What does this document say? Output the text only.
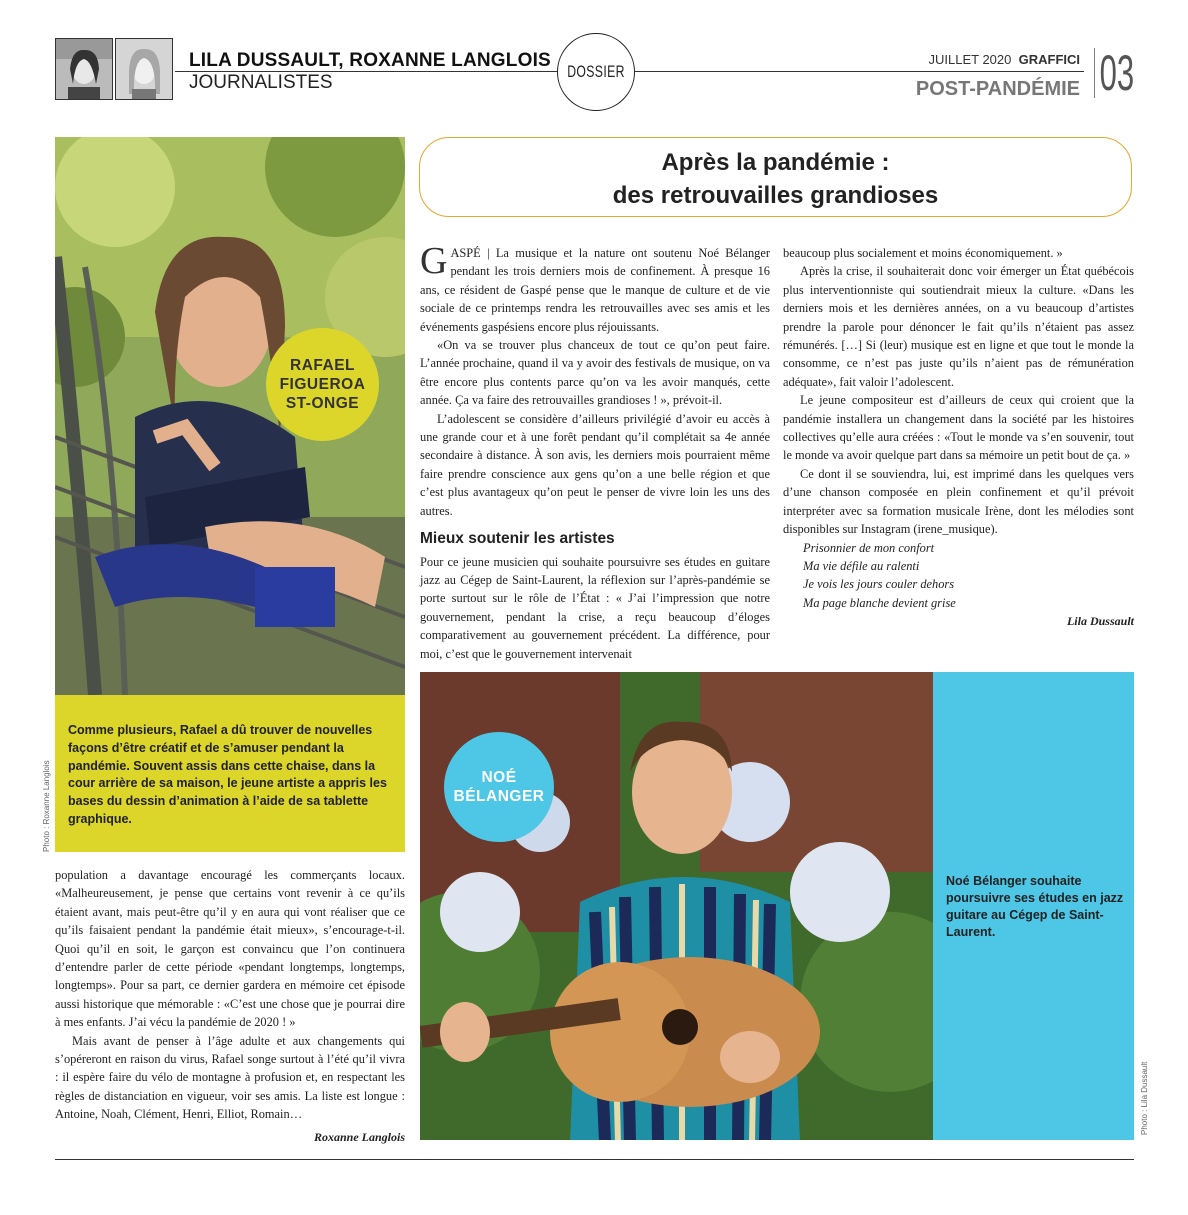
LILA DUSSAULT, ROXANNE LANGLOIS
JOURNALISTES
DOSSIER
JUILLET 2020 GRAFFICI
POST-PANDÉMIE 03
RAFAEL
FIGUEROA
ST-ONGE
Comme plusieurs, Rafael a dû trouver de nouvelles façons d’être créatif et de s’amuser pendant la pandémie. Souvent assis dans cette chaise, dans la cour arrière de sa maison, le jeune artiste a appris les bases du dessin d’animation à l’aide de sa tablette graphique.
Photo : Roxanne Langlois
Après la pandémie :
des retrouvailles grandioses

GASPÉ | La musique et la nature ont soutenu Noé Bélanger pendant les trois derniers mois de confinement. À presque 16 ans, ce résident de Gaspé pense que le manque de culture et de vie sociale de ce printemps rendra les retrouvailles avec ses amis et les événements gaspésiens encore plus réjouissants.

«On va se trouver plus chanceux de tout ce qu’on peut faire. L’année prochaine, quand il va y avoir des festivals de musique, on va être encore plus contents parce qu’on va les avoir manqués, cette année. Ça va faire des retrouvailles grandioses ! », prévoit-il.

L’adolescent se considère d’ailleurs privilégié d’avoir eu accès à une grande cour et à une forêt pendant qu’il complétait sa 4e année secondaire à distance. À son avis, les derniers mois pourraient même faire prendre conscience aux gens qu’on a une belle région et que c’est plus avantageux qu’on peut le penser de vivre loin les uns des autres.

Mieux soutenir les artistes

Pour ce jeune musicien qui souhaite poursuivre ses études en guitare jazz au Cégep de Saint-Laurent, la réflexion sur l’après-pandémie se porte surtout sur le rôle de l’État : « J’ai l’impression que notre gouvernement, pendant la crise, a reçu beaucoup d’éloges comparativement au gouvernement précédent. La différence, pour moi, c’est que le gouvernement intervenait

beaucoup plus socialement et moins économiquement. »

Après la crise, il souhaiterait donc voir émerger un État québécois plus interventionniste qui soutiendrait mieux la culture. «Dans les derniers mois et les dernières années, on a vu beaucoup d’artistes prendre la parole pour dénoncer le fait qu’ils n’étaient pas assez rémunérés. […] Si (leur) musique est en ligne et que tout le monde la consomme, ce n’est pas juste qu’ils n’aient pas de rémunération adéquate», fait valoir l’adolescent.

Le jeune compositeur est d’ailleurs de ceux qui croient que la pandémie installera un changement dans la société par les histoires collectives qu’elle aura créées : «Tout le monde va s’en souvenir, tout le monde va avoir quelque part dans sa mémoire un petit bout de ça. »

Ce dont il se souviendra, lui, est imprimé dans les quelques vers d’une chanson composée en plein confinement et qu’il prévoit interpréter avec sa formation musicale Irène, dont les mélodies sont disponibles sur Instagram (irene_musique).

Prisonnier de mon confort
Ma vie défile au ralenti
Je vois les jours couler dehors
Ma page blanche devient grise
Lila Dussault
NOÉ
BÉLANGER
Noé Bélanger souhaite poursuivre ses études en jazz guitare au Cégep de Saint-Laurent.
Photo : Lila Dussault

population a davantage encouragé les commerçants locaux. «Malheureusement, je pense que certains vont revenir à ce qu’ils étaient avant, mais peut-être qu’il y en aura qui vont réaliser que ce qu’ils faisaient pendant la pandémie était mieux», s’encourage-t-il. Quoi qu’il en soit, le garçon est convaincu que l’on continuera d’entendre parler de cette période «pendant longtemps, longtemps, longtemps». Pour sa part, ce dernier gardera en mémoire cet épisode aussi historique que mémorable : «C’est une chose que je pourrai dire à mes enfants. J’ai vécu la pandémie de 2020 ! »

Mais avant de penser à l’âge adulte et aux changements qui s’opéreront en raison du virus, Rafael songe surtout à l’été qu’il vivra : il espère faire du vélo de montagne à profusion et, en respectant les règles de distanciation en vigueur, voir ses amis. La liste est longue : Antoine, Noah, Clément, Henri, Elliot, Romain…

Roxanne Langlois
